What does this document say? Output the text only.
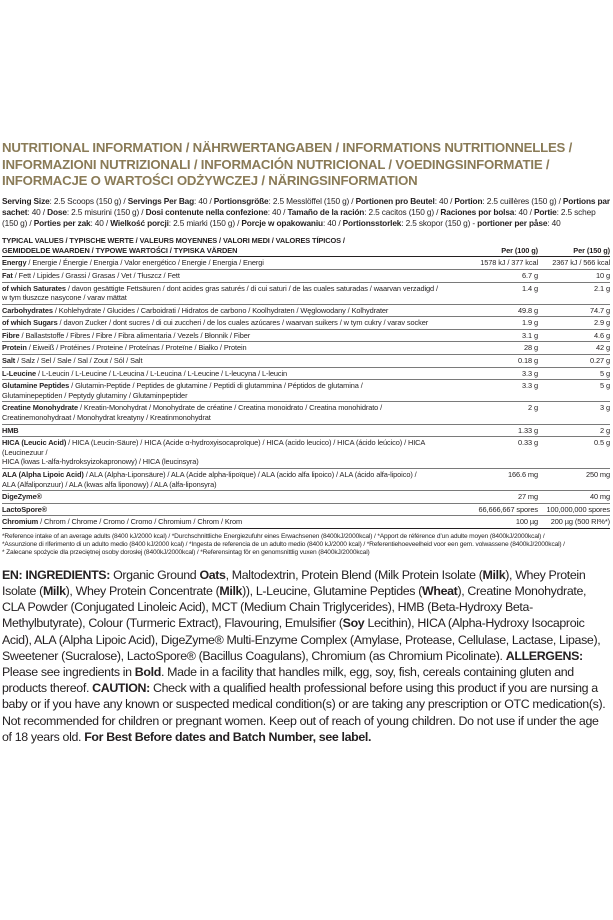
NUTRITIONAL INFORMATION / NÄHRWERTANGABEN / INFORMATIONS NUTRITIONNELLES /

INFORMAZIONI NUTRIZIONALI / INFORMACIÓN NUTRICIONAL / VOEDINGSINFORMATIE /

INFORMACJE O WARTOŚCI ODŻYWCZEJ / NÄRINGSINFORMATION

Serving Size: 2.5 Scoops (150 g) / Servings Per Bag: 40 / Portionsgröße: 2.5 Messlöffel (150 g) / Portionen pro Beutel: 40 / Portion: 2.5 cuillères (150 g) / Portions par sachet: 40 / Dose: 2.5 misurini (150 g) / Dosi contenute nella confezione: 40 / Tamaño de la ración: 2.5 cacitos (150 g) / Raciones por bolsa: 40 / Portie: 2.5 schep (150 g) / Porties per zak: 40 / Wielkość porcji: 2.5 miarki (150 g) / Porcje w opakowaniu: 40 / Portionsstorlek: 2.5 skopor (150 g) - portioner per påse: 40
TYPICAL VALUES / TYPISCHE WERTE / VALEURS MOYENNES / VALORI MEDI / VALORES TÍPICOS /
GEMIDDELDE WAARDEN / TYPOWE WARTOŚCI / TYPISKA VÄRDEN	Per (100 g)	Per (150 g)
Energy / Energie / Énergie / Energia / Valor energético / Energie / Energia / Energi	1578 kJ / 377 kcal	2367 kJ / 566 kcal
Fat / Fett / Lipides / Grassi / Grasas / Vet / Tłuszcz / Fett	6.7 g	10 g
of which Saturates / davon gesättigte Fettsäuren / dont acides gras saturés / di cui saturi / de las cuales saturadas / waarvan verzadigd /
w tym tłuszcze nasycone / varav mättat	1.4 g	2.1 g
Carbohydrates / Kohlehydrate / Glucides / Carboidrati / Hidratos de carbono / Koolhydraten / Węglowodany / Kolhydrater	49.8 g	74.7 g
of which Sugars / davon Zucker / dont sucres / di cui zuccheri / de los cuales azúcares / waarvan suikers / w tym cukry / varav socker	1.9 g	2.9 g
Fibre / Ballaststoffe / Fibres / Fibre / Fibra alimentaria / Vezels / Błonnik / Fiber	3.1 g	4.6 g
Protein / Eiweiß / Protéines / Proteine / Proteínas / Proteïne / Białko / Protein	28 g	42 g
Salt / Salz / Sel / Sale / Sal / Zout / Sól / Salt	0.18 g	0.27 g
L-Leucine / L-Leucin / L-Leucine / L-Leucina / L-Leucina / L-Leucine / L-leucyna / L-leucin	3.3 g	5 g
Glutamine Peptides / Glutamin-Peptide / Peptides de glutamine / Peptidi di glutammina / Péptidos de glutamina /
Glutaminepeptiden / Peptydy glutaminy / Glutaminpeptider	3.3 g	5 g
Creatine Monohydrate / Kreatin-Monohydrat / Monohydrate de créatine / Creatina monoidrato / Creatina monohidrato /
Creatinemonohydraat / Monohydrat kreatyny / Kreatinmonohydrat	2 g	3 g
HMB	1.33 g	2 g
HICA (Leucic Acid) / HICA (Leucin-Säure) / HICA (Acide α-hydroxyisocaproïque) / HICA (acido leucico) / HICA (ácido leúcico) / HICA (Leucinezuur /
HICA (kwas L-alfa-hydroksyizokapronowy) / HICA (leucinsyra)	0.33 g	0.5 g
ALA (Alpha Lipoic Acid) / ALA (Alpha-Liponsäure) / ALA (Acide alpha-lipoïque) / ALA (acido alfa lipoico) / ALA (ácido alfa-lipoico) /
ALA (Alfaliponzuur) / ALA (kwas alfa liponowy) / ALA (alfa-liponsyra)	166.6 mg	250 mg
DigeZyme®	27 mg	40 mg
LactoSpore®	66,666,667 spores	100,000,000 spores
Chromium / Chrom / Chrome / Cromo / Cromo / Chromium / Chrom / Krom	100 µg	200 µg (500 RI%*)
*Reference intake of an average adults (8400 kJ/2000 kcal) / *Durchschnittliche Energiezufuhr eines Erwachsenen (8400kJ/2000kcal) / *Apport de référence d’un adulte moyen (8400kJ/2000kcal) /
*Assunzione di riferimento di un adulto medio (8400 kJ/2000 kcal) / *Ingesta de referencia de un adulto medio (8400 kJ/2000 kcal) / *Referentiehoeveelheid voor een gem. volwassene (8400kJ/2000kcal) /
* Zalecane spożycie dla przeciętnej osoby dorosłej (8400kJ/2000kcal) / *Referensintag för en genomsnittlig vuxen (8400kJ/2000kcal)
EN: INGREDIENTS: Organic Ground Oats, Maltodextrin, Protein Blend (Milk Protein Isolate (Milk), Whey Protein Isolate (Milk), Whey Protein Concentrate (Milk)), L-Leucine, Glutamine Peptides (Wheat), Creatine Monohydrate, CLA Powder (Conjugated Linoleic Acid), MCT (Medium Chain Triglycerides), HMB (Beta-Hydroxy Beta-Methylbutyrate), Colour (Turmeric Extract), Flavouring, Emulsifier (Soy Lecithin), HICA (Alpha-Hydroxy Isocaproic Acid), ALA (Alpha Lipoic Acid), DigeZyme® Multi-Enzyme Complex (Amylase, Protease, Cellulase, Lactase, Lipase), Sweetener (Sucralose), LactoSpore® (Bacillus Coagulans), Chromium (as Chromium Picolinate). ALLERGENS: Please see ingredients in Bold. Made in a facility that handles milk, egg, soy, fish, cereals containing gluten and products thereof. CAUTION: Check with a qualified health professional before using this product if you are nursing a baby or if you have any known or suspected medical condition(s) or are taking any prescription or OTC medication(s). Not recommended for children or pregnant women. Keep out of reach of young children. Do not use if under the age of 18 years old. For Best Before dates and Batch Number, see label.
